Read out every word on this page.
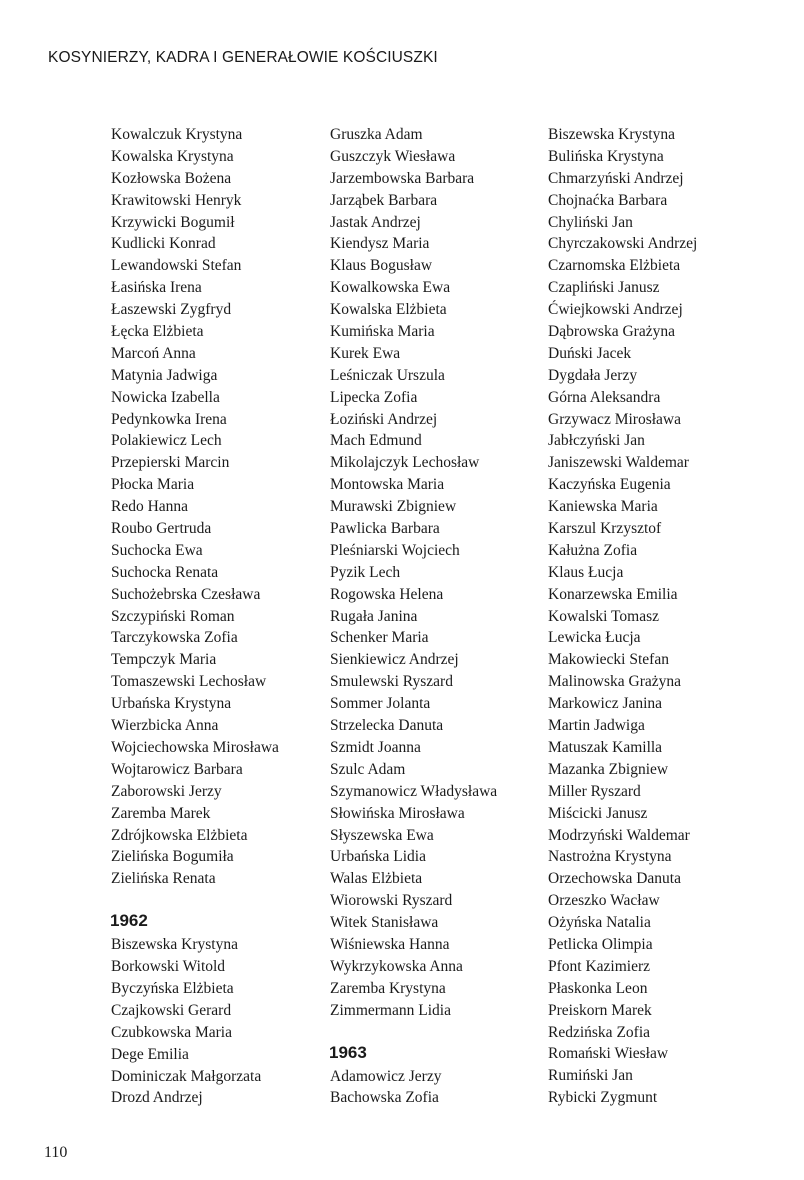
KOSYNIERZY, KADRA I GENERAŁOWIE KOŚCIUSZKI
Kowalczuk Krystyna
Kowalska Krystyna
Kozłowska Bożena
Krawitowski Henryk
Krzywicki Bogumił
Kudlicki Konrad
Lewandowski Stefan
Łasińska Irena
Łaszewski Zygfryd
Łęcka Elżbieta
Marcoń Anna
Matynia Jadwiga
Nowicka Izabella
Pedynkowka Irena
Polakiewicz Lech
Przepierski Marcin
Płocka Maria
Redo Hanna
Roubo Gertruda
Suchocka Ewa
Suchocka Renata
Suchożebrska Czesława
Szczypiński Roman
Tarczykowska Zofia
Tempczyk Maria
Tomaszewski Lechosław
Urbańska Krystyna
Wierzbicka Anna
Wojciechowska Mirosława
Wojtarowicz Barbara
Zaborowski Jerzy
Zaremba Marek
Zdrójkowska Elżbieta
Zielińska Bogumiła
Zielińska Renata
1962
Biszewska Krystyna
Borkowski Witold
Byczyńska Elżbieta
Czajkowski Gerard
Czubkowska Maria
Dege Emilia
Dominiczak Małgorzata
Drozd Andrzej
Gruszka Adam
Guszczyk Wiesława
Jarzembowska Barbara
Jarząbek Barbara
Jastak Andrzej
Kiendysz Maria
Klaus Bogusław
Kowalkowska Ewa
Kowalska Elżbieta
Kumińska Maria
Kurek Ewa
Leśniczak Urszula
Lipecka Zofia
Łoziński Andrzej
Mach Edmund
Mikolajczyk Lechosław
Montowska Maria
Murawski Zbigniew
Pawlicka Barbara
Pleśniarski Wojciech
Pyzik Lech
Rogowska Helena
Rugała Janina
Schenker Maria
Sienkiewicz Andrzej
Smulewski Ryszard
Sommer Jolanta
Strzelecka Danuta
Szmidt Joanna
Szulc Adam
Szymanowicz Władysława
Słowińska Mirosława
Słyszewska Ewa
Urbańska Lidia
Walas Elżbieta
Wiorowski Ryszard
Witek Stanisława
Wiśniewska Hanna
Wykrzykowska Anna
Zaremba Krystyna
Zimmermann Lidia
1963
Adamowicz Jerzy
Bachowska Zofia
Biszewska Krystyna
Bulińska Krystyna
Chmarzyński Andrzej
Chojnaćka Barbara
Chyliński Jan
Chyrczakowski Andrzej
Czarnomska Elżbieta
Czapliński Janusz
Ćwiejkowski Andrzej
Dąbrowska Grażyna
Duński Jacek
Dygdała Jerzy
Górna Aleksandra
Grzywacz Mirosława
Jabłczyński Jan
Janiszewski Waldemar
Kaczyńska Eugenia
Kaniewska Maria
Karszul Krzysztof
Kałużna Zofia
Klaus Łucja
Konarzewska Emilia
Kowalski Tomasz
Lewicka Łucja
Makowiecki Stefan
Malinowska Grażyna
Markowicz Janina
Martin Jadwiga
Matuszak Kamilla
Mazanka Zbigniew
Miller Ryszard
Miścicki Janusz
Modrzyński Waldemar
Nastrożna Krystyna
Orzechowska Danuta
Orzeszko Wacław
Ożyńska Natalia
Petlicka Olimpia
Pfont Kazimierz
Płaskonka Leon
Preiskorn Marek
Redzińska Zofia
Romański Wiesław
Rumiński Jan
Rybicki Zygmunt
110
